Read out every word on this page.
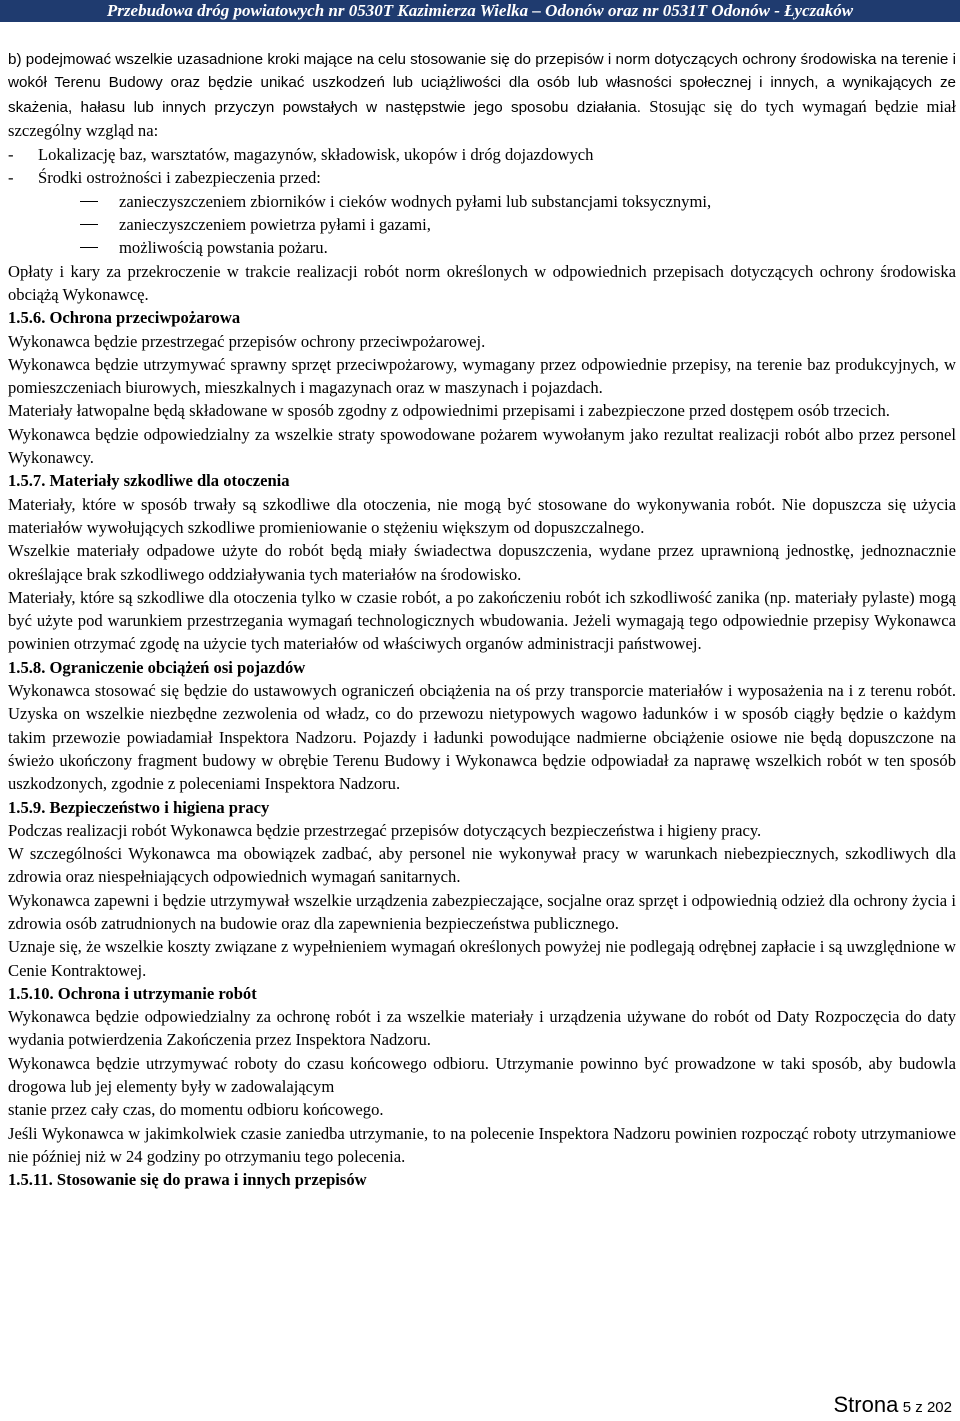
Przebudowa dróg powiatowych nr 0530T Kazimierza Wielka – Odonów oraz nr 0531T Odonów - Łyczaków

b) podejmować wszelkie uzasadnione kroki mające na celu stosowanie się do przepisów i norm dotyczących ochrony środowiska na terenie i wokół Terenu Budowy oraz będzie unikać uszkodzeń lub uciążliwości dla osób lub własności społecznej i innych, a wynikających ze skażenia, hałasu lub innych przyczyn powstałych w następstwie jego sposobu działania. Stosując się do tych wymagań będzie miał szczególny wzgląd na:

- Lokalizację baz, warsztatów, magazynów, składowisk, ukopów i dróg dojazdowych

- Środki ostrożności i zabezpieczenia przed:

zanieczyszczeniem zbiorników i cieków wodnych pyłami lub substancjami toksycznymi,

zanieczyszczeniem powietrza pyłami i gazami,

możliwością powstania pożaru.

Opłaty i kary za przekroczenie w trakcie realizacji robót norm określonych w odpowiednich przepisach dotyczących ochrony środowiska obciążą Wykonawcę.

1.5.6. Ochrona przeciwpożarowa

Wykonawca będzie przestrzegać przepisów ochrony przeciwpożarowej.

Wykonawca będzie utrzymywać sprawny sprzęt przeciwpożarowy, wymagany przez odpowiednie przepisy, na terenie baz produkcyjnych, w pomieszczeniach biurowych, mieszkalnych i magazynach oraz w maszynach i pojazdach.

Materiały łatwopalne będą składowane w sposób zgodny z odpowiednimi przepisami i zabezpieczone przed dostępem osób trzecich.

Wykonawca będzie odpowiedzialny za wszelkie straty spowodowane pożarem wywołanym jako rezultat realizacji robót albo przez personel Wykonawcy.

1.5.7. Materiały szkodliwe dla otoczenia

Materiały, które w sposób trwały są szkodliwe dla otoczenia, nie mogą być stosowane do wykonywania robót. Nie dopuszcza się użycia materiałów wywołujących szkodliwe promieniowanie o stężeniu większym od dopuszczalnego.

Wszelkie materiały odpadowe użyte do robót będą miały świadectwa dopuszczenia, wydane przez uprawnioną jednostkę, jednoznacznie określające brak szkodliwego oddziaływania tych materiałów na środowisko.

Materiały, które są szkodliwe dla otoczenia tylko w czasie robót, a po zakończeniu robót ich szkodliwość zanika (np. materiały pylaste) mogą być użyte pod warunkiem przestrzegania wymagań technologicznych wbudowania. Jeżeli wymagają tego odpowiednie przepisy Wykonawca powinien otrzymać zgodę na użycie tych materiałów od właściwych organów administracji państwowej.

1.5.8. Ograniczenie obciążeń osi pojazdów

Wykonawca stosować się będzie do ustawowych ograniczeń obciążenia na oś przy transporcie materiałów i wyposażenia na i z terenu robót. Uzyska on wszelkie niezbędne zezwolenia od władz, co do przewozu nietypowych wagowo ładunków i w sposób ciągły będzie o każdym takim przewozie powiadamiał Inspektora Nadzoru. Pojazdy i ładunki powodujące nadmierne obciążenie osiowe nie będą dopuszczone na świeżo ukończony fragment budowy w obrębie Terenu Budowy i Wykonawca będzie odpowiadał za naprawę wszelkich robót w ten sposób uszkodzonych, zgodnie z poleceniami Inspektora Nadzoru.

1.5.9. Bezpieczeństwo i higiena pracy

Podczas realizacji robót Wykonawca będzie przestrzegać przepisów dotyczących bezpieczeństwa i higieny pracy.

W szczególności Wykonawca ma obowiązek zadbać, aby personel nie wykonywał pracy w warunkach niebezpiecznych, szkodliwych dla zdrowia oraz niespełniających odpowiednich wymagań sanitarnych.

Wykonawca zapewni i będzie utrzymywał wszelkie urządzenia zabezpieczające, socjalne oraz sprzęt i odpowiednią odzież dla ochrony życia i zdrowia osób zatrudnionych na budowie oraz dla zapewnienia bezpieczeństwa publicznego.

Uznaje się, że wszelkie koszty związane z wypełnieniem wymagań określonych powyżej nie podlegają odrębnej zapłacie i są uwzględnione w Cenie Kontraktowej.

1.5.10. Ochrona i utrzymanie robót

Wykonawca będzie odpowiedzialny za ochronę robót i za wszelkie materiały i urządzenia używane do robót od Daty Rozpoczęcia do daty wydania potwierdzenia Zakończenia przez Inspektora Nadzoru.

Wykonawca będzie utrzymywać roboty do czasu końcowego odbioru. Utrzymanie powinno być prowadzone w taki sposób, aby budowla drogowa lub jej elementy były w zadowalającym

stanie przez cały czas, do momentu odbioru końcowego.

Jeśli Wykonawca w jakimkolwiek czasie zaniedba utrzymanie, to na polecenie Inspektora Nadzoru powinien rozpocząć roboty utrzymaniowe nie później niż w 24 godziny po otrzymaniu tego polecenia.

1.5.11. Stosowanie się do prawa i innych przepisów

Strona 5 z 202
